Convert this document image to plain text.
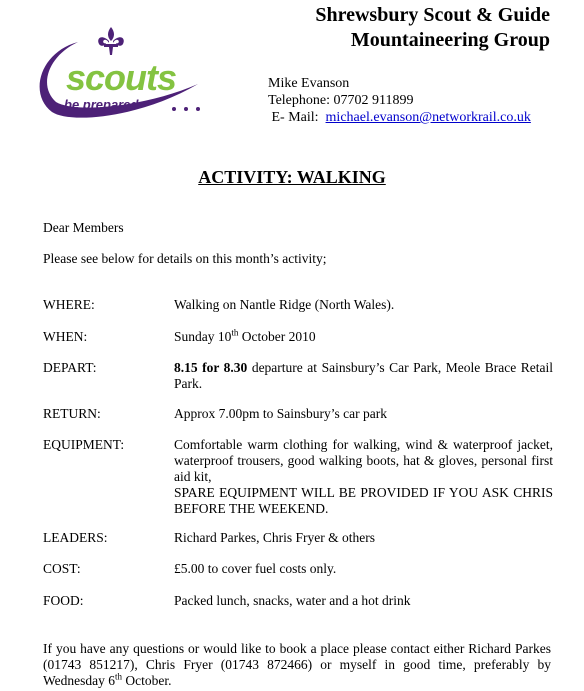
scouts
be prepared
Shrewsbury Scout & Guide
Mountaineering Group
Mike Evanson
Telephone: 07702 911899
E- Mail: michael.evanson@networkrail.co.uk
ACTIVITY: WALKING
Dear Members
Please see below for details on this month’s activity;
WHERE:	Walking on Nantle Ridge (North Wales).
WHEN:	Sunday 10th October 2010
DEPART:	8.15 for 8.30 departure at Sainsbury’s Car Park, Meole Brace Retail Park.
RETURN:	Approx 7.00pm to Sainsbury’s car park
EQUIPMENT:	Comfortable warm clothing for walking, wind & waterproof jacket, waterproof trousers, good walking boots, hat & gloves, personal first aid kit,
SPARE EQUIPMENT WILL BE PROVIDED IF YOU ASK CHRIS BEFORE THE WEEKEND.
LEADERS:	Richard Parkes, Chris Fryer & others
COST:	£5.00 to cover fuel costs only.
FOOD:	Packed lunch, snacks, water and a hot drink
If you have any questions or would like to book a place please contact either Richard Parkes (01743 851217), Chris Fryer (01743 872466) or myself in good time, preferably by Wednesday 6th October.
